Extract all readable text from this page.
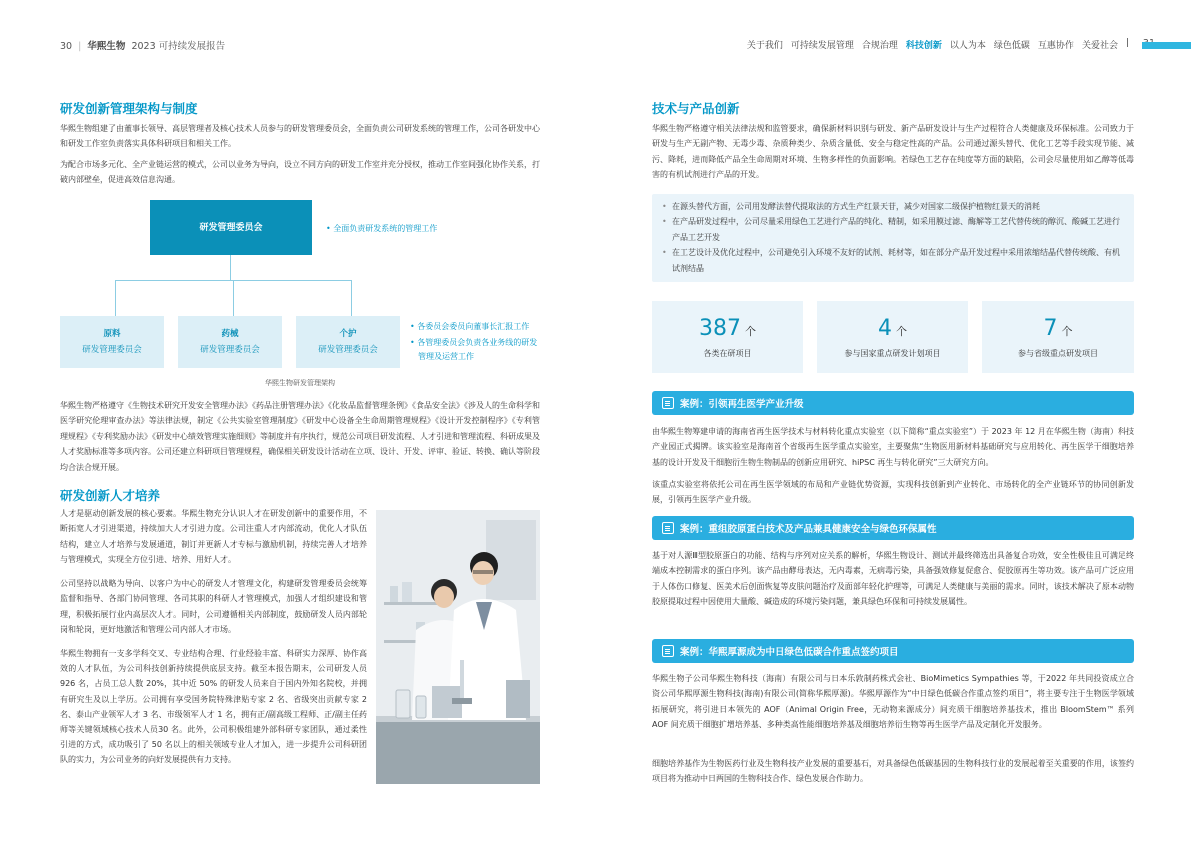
30  |  华熙生物 2023 可持续发展报告	关于我们 可持续发展管理 合规治理 科技创新 以人为本 绿色低碳 互惠协作 关爱社会 |
研发创新管理架构与制度
华熙生物组建了由董事长领导、高层管理者及核心技术人员参与的研发管理委员会，全面负责公司研发系统的管理工作，公司各研发中心和研发工作室负责落实具体科研项目和相关工作。
为配合市场多元化、全产业链运营的模式，公司以业务为导向，设立不同方向的研发工作室并充分授权，推动工作室间强化协作关系，打破内部壁垒，促进高效信息沟通。
研发管理委员会	• 全面负责研发系统的管理工作
原料
研发管理委员会
药械
研发管理委员会
个护
研发管理委员会
• 各委员会委员向董事长汇报工作
• 各管理委员会负责各业务线的研发管理及运营工作
华熙生物研发管理架构
华熙生物严格遵守《生物技术研究开发安全管理办法》《药品注册管理办法》《化妆品监督管理条例》《食品安全法》《涉及人的生命科学和医学研究伦理审查办法》等法律法规，制定《公共实验室管理制度》《研发中心设备全生命周期管理规程》《设计开发控制程序》《专利管理规程》《专利奖励办法》《研发中心绩效管理实施细则》等制度并有序执行，规范公司项目研发流程、人才引进和管理流程、科研成果及人才奖励标准等多项内容。公司还建立科研项目管理规程，确保相关研发设计活动在立项、设计、开发、评审、验证、转换、确认等阶段均合法合规开展。
研发创新人才培养
人才是驱动创新发展的核心要素。华熙生物充分认识人才在研发创新中的重要作用，不断拓宽人才引进渠道，持续加大人才引进力度。公司注重人才内部流动，优化人才队伍结构，建立人才培养与发展通道，制订并更新人才专标与激励机制，持续完善人才培养与管理模式，实现全方位引进、培养、用好人才。
公司坚持以战略为导向、以客户为中心的研发人才管理文化，构建研发管理委员会统筹监督和指导、各部门协同管理、各司其职的科研人才管理模式，加强人才组织建设和管理，积极拓展行业内高层次人才。同时，公司遵循相关内部制度，鼓励研发人员内部轮岗和轮岗，更好地激活和管理公司内部人才市场。
华熙生物拥有一支多学科交叉、专业结构合理、行业经验丰富、科研实力深厚、协作高效的人才队伍，为公司科技创新持续提供底层支持。截至本报告期末，公司研发人员 926 名，占员工总人数 20%，其中近 50% 的研发人员来自于国内外知名院校，并拥有研究生及以上学历。公司拥有享受国务院特殊津贴专家 2 名、省级突出贡献专家 2 名、泰山产业领军人才 3 名、市级领军人才 1 名，拥有正/副高级工程师、正/副主任药师等关键领域核心技术人员30 名。此外，公司积极组建外部科研专家团队，通过柔性引进的方式，成功吸引了 50 名以上的相关领域专业人才加入，进一步提升公司科研团队的实力，为公司业务的向好发展提供有力支持。
技术与产品创新
华熙生物严格遵守相关法律法规和监管要求，确保新材料识别与研发、新产品研发设计与生产过程符合人类健康及环保标准。公司致力于研发与生产无副产物、无毒少毒、杂质种类少、杂质含量低、安全与稳定性高的产品。公司通过源头替代、优化工艺等手段实现节能、减污、降耗，进而降低产品全生命周期对环境、生物多样性的负面影响。若绿色工艺存在纯度等方面的缺陷，公司会尽量使用如乙醇等低毒害的有机试剂进行产品的开发。
• 在源头替代方面，公司用发酵法替代提取法的方式生产红景天苷，减少对国家二级保护植物红景天的消耗
• 在产品研发过程中，公司尽量采用绿色工艺进行产品的纯化、精制，如采用膜过滤、酶解等工艺代替传统的醇沉、酸碱工艺进行产品工艺开发
• 在工艺设计及优化过程中，公司避免引入环境不友好的试剂、耗材等，如在部分产品开发过程中采用浓缩结晶代替传统酸、有机试剂结晶
387 个
各类在研项目
4 个
参与国家重点研发计划项目
7 个
参与省级重点研发项目
案例：引领再生医学产业升级
由华熙生物筹建申请的海南省再生医学技术与材料转化重点实验室（以下简称“重点实验室”）于 2023 年 12 月在华熙生物（海南）科技产业园正式揭牌。该实验室是海南首个省级再生医学重点实验室，主要聚焦“生物医用新材料基础研究与应用转化、再生医学干细胞培养基的设计开发及干细胞衍生物生物制品的创新应用研究、hiPSC 再生与转化研究”三大研究方向。
该重点实验室将依托公司在再生医学领域的布局和产业链优势资源，实现科技创新到产业转化、市场转化的全产业链环节的协同创新发展，引领再生医学产业升级。
案例：重组胶原蛋白技术及产品兼具健康安全与绿色环保属性
基于对人源Ⅲ型胶原蛋白的功能、结构与序列对应关系的解析，华熙生物设计、测试并最终筛选出具备复合功效，安全性极佳且可满足终端成本控制需求的蛋白序列。该产品由酵母表达，无内毒素，无病毒污染，具备强效修复促愈合、促胶原再生等功效。该产品可广泛应用于人体伤口修复、医美术后创面恢复等皮肤问题治疗及面部年轻化护理等，可满足人类健康与美丽的需求。同时，该技术解决了原本动物胶原提取过程中因使用大量酸、碱造成的环境污染问题，兼具绿色环保和可持续发展属性。
案例：华熙厚源成为中日绿色低碳合作重点签约项目
华熙生物子公司华熙生物科技（海南）有限公司与日本乐敦制药株式会社、BioMimetics Sympathies 等，于2022 年共同投资成立合资公司华熙厚源生物科技(海南)有限公司(简称华熙厚源)。华熙厚源作为“中日绿色低碳合作重点签约项目”，将主要专注于生物医学领域拓展研究，将引进日本领先的 AOF（Animal Origin Free，无动物来源成分）间充质干细胞培养基技术，推出 BloomStem™ 系列 AOF 间充质干细胞扩增培养基、多种类高性能细胞培养基及细胞培养衍生物等再生医学产品及定制化开发服务。
细胞培养基作为生物医药行业及生物科技产业发展的重要基石，对具备绿色低碳基因的生物科技行业的发展起着至关重要的作用，该签约项目将为推动中日两国的生物科技合作、绿色发展合作助力。
